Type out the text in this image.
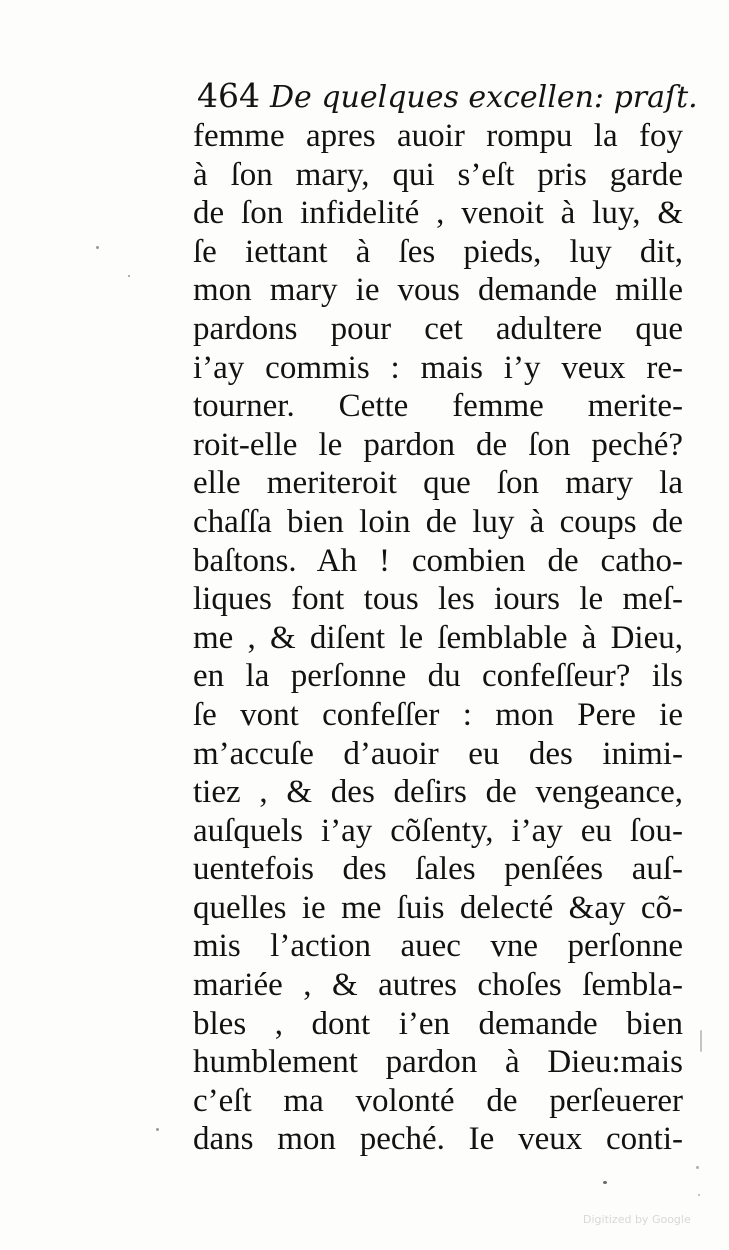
464 De quelques excellen: praſt.
femme apres auoir rompu la foy
à ſon mary, qui s’eſt pris garde
de ſon infidelité , venoit à luy, &
ſe iettant à ſes pieds, luy dit,
mon mary ie vous demande mille
pardons pour cet adultere que
i’ay commis : mais i’y veux re-
tourner. Cette femme merite-
roit-elle le pardon de ſon peché?
elle meriteroit que ſon mary la
chaſſa bien loin de luy à coups de
baſtons. Ah ! combien de catho-
liques font tous les iours le meſ-
me , & diſent le ſemblable à Dieu,
en la perſonne du confeſſeur? ils
ſe vont confeſſer : mon Pere ie
m’accuſe d’auoir eu des inimi-
tiez , & des deſirs de vengeance,
auſquels i’ay cõſenty, i’ay eu ſou-
uentefois des ſales penſées auſ-
quelles ie me ſuis delecté &ay cõ-
mis l’action auec vne perſonne
mariée , & autres choſes ſembla-
bles , dont i’en demande bien
humblement pardon à Dieu:mais
c’eſt ma volonté de perſeuerer
dans mon peché. Ie veux conti-
Digitized by Google
